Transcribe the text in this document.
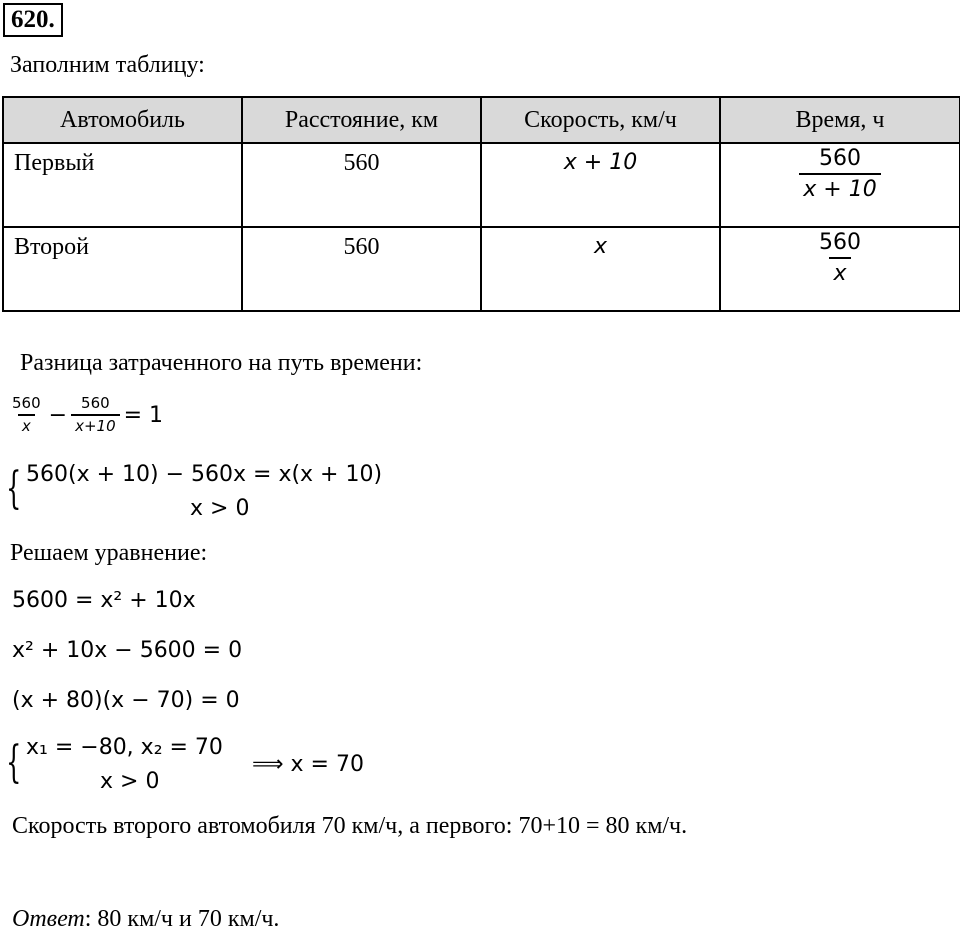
620.
Заполним таблицу:
Автомобиль	Расстояние, км	Скорость, км/ч	Время, ч
Первый	560	x + 10	$\frac{560}{x + 10}$

Второй	560	x	$\frac{560}{x}$
Разница затраченного на путь времени:
$\frac{560}{x} - \frac{560}{x+10} = 1$
{ 560(x + 10) − 560x = x(x + 10)
x > 0
Решаем уравнение:
5600 = x² + 10x
x² + 10x − 5600 = 0
(x + 80)(x − 70) = 0
{ x₁ = −80, x₂ = 70
x > 0
⟹ x = 70
Скорость второго автомобиля 70 км/ч, а первого: 70+10 = 80 км/ч.
Ответ: 80 км/ч и 70 км/ч.
